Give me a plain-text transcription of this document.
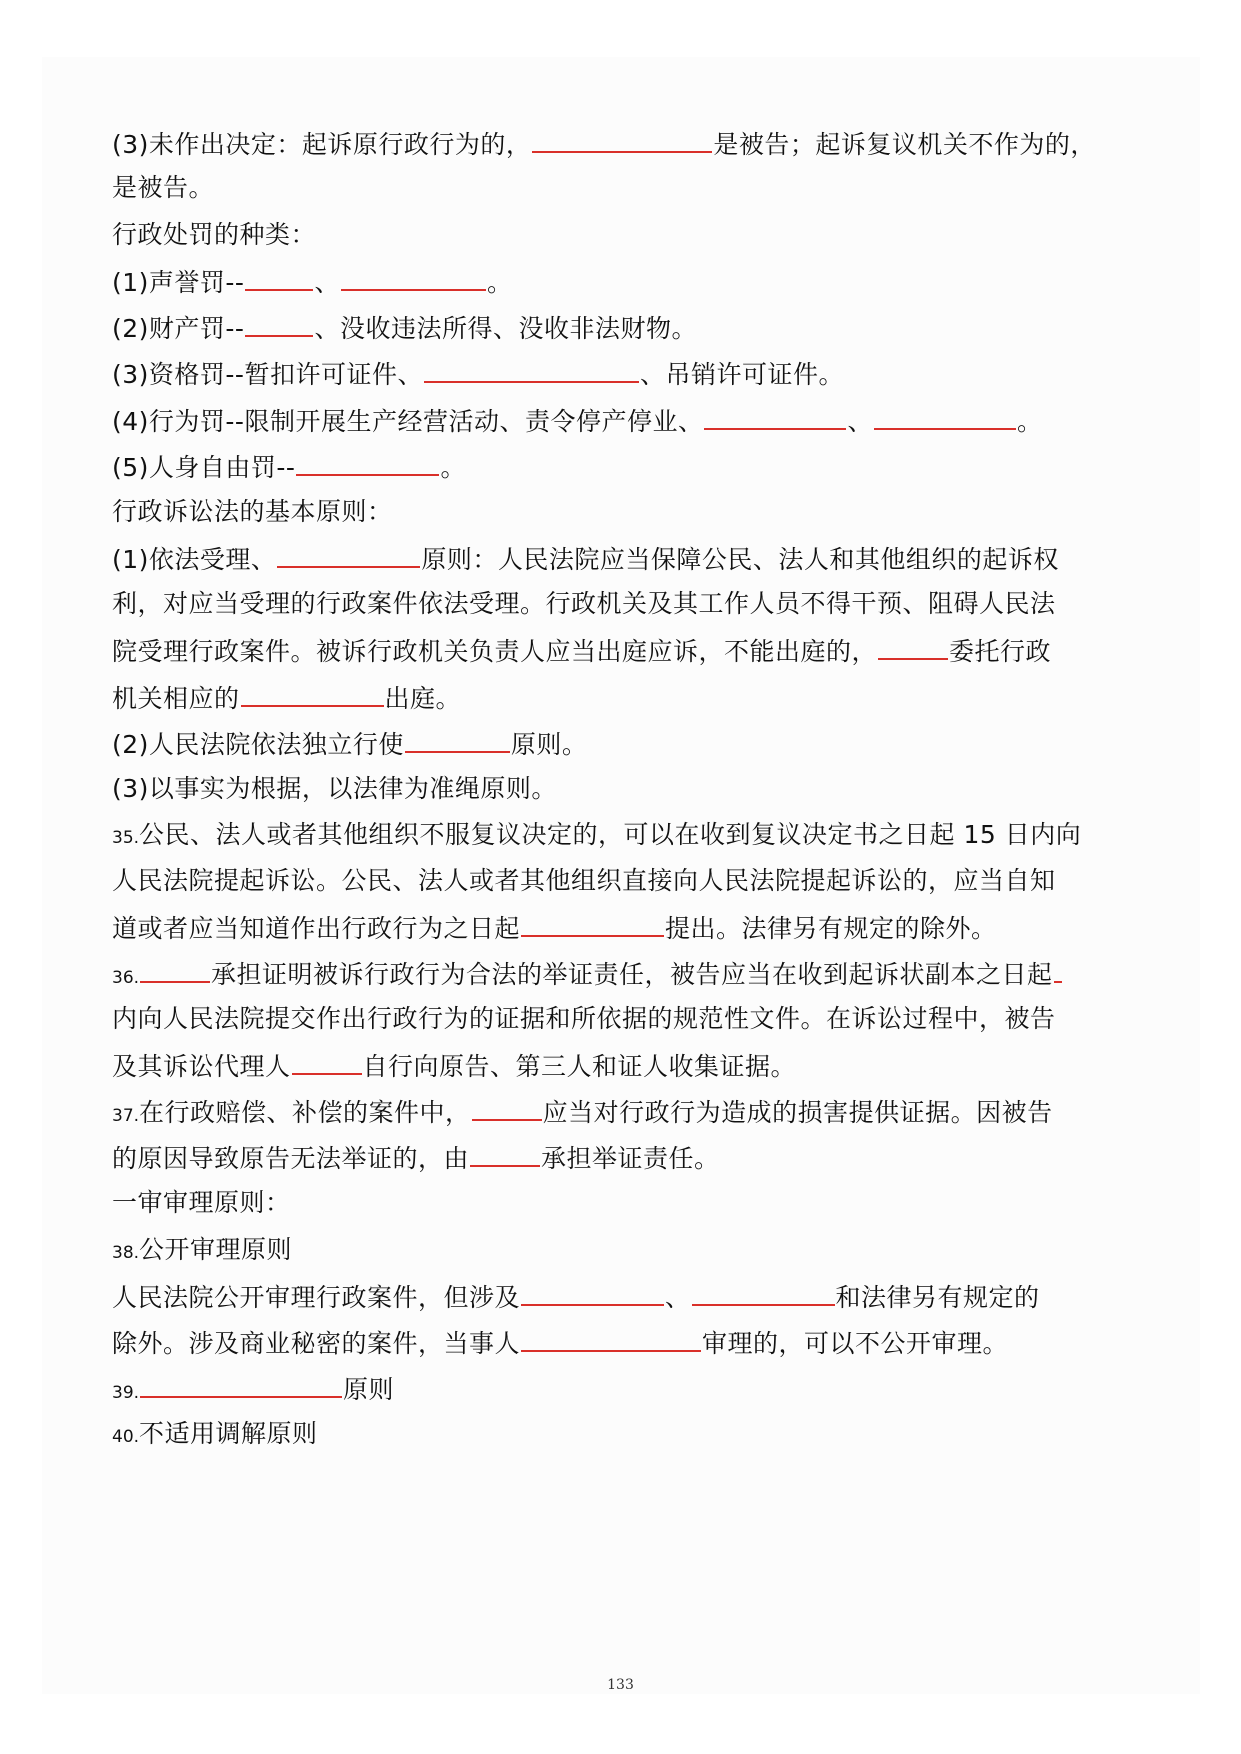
(3)未作出决定：起诉原行政行为的，	是被告；起诉复议机关不作为的，
是被告。
行政处罚的种类：
(1)声誉罚--	、	。
(2)财产罚--	、没收违法所得、没收非法财物。
(3)资格罚--暂扣许可证件、	、吊销许可证件。
(4)行为罚--限制开展生产经营活动、责令停产停业、	、	。
(5)人身自由罚--	。
行政诉讼法的基本原则：
(1)依法受理、	原则：人民法院应当保障公民、法人和其他组织的起诉权
利，对应当受理的行政案件依法受理。行政机关及其工作人员不得干预、阻碍人民法
院受理行政案件。被诉行政机关负责人应当出庭应诉，不能出庭的，	委托行政
机关相应的	出庭。
(2)人民法院依法独立行使	原则。
(3)以事实为根据，以法律为准绳原则。
35.公民、法人或者其他组织不服复议决定的，可以在收到复议决定书之日起 15 日内向
人民法院提起诉讼。公民、法人或者其他组织直接向人民法院提起诉讼的，应当自知
道或者应当知道作出行政行为之日起	提出。法律另有规定的除外。
36.	承担证明被诉行政行为合法的举证责任，被告应当在收到起诉状副本之日起
内向人民法院提交作出行政行为的证据和所依据的规范性文件。在诉讼过程中，被告
及其诉讼代理人	自行向原告、第三人和证人收集证据。
37.在行政赔偿、补偿的案件中，	应当对行政行为造成的损害提供证据。因被告
的原因导致原告无法举证的，由	承担举证责任。
一审审理原则：
38.公开审理原则
人民法院公开审理行政案件，但涉及	、	和法律另有规定的
除外。涉及商业秘密的案件，当事人	审理的，可以不公开审理。
39.	原则
40.不适用调解原则
133
